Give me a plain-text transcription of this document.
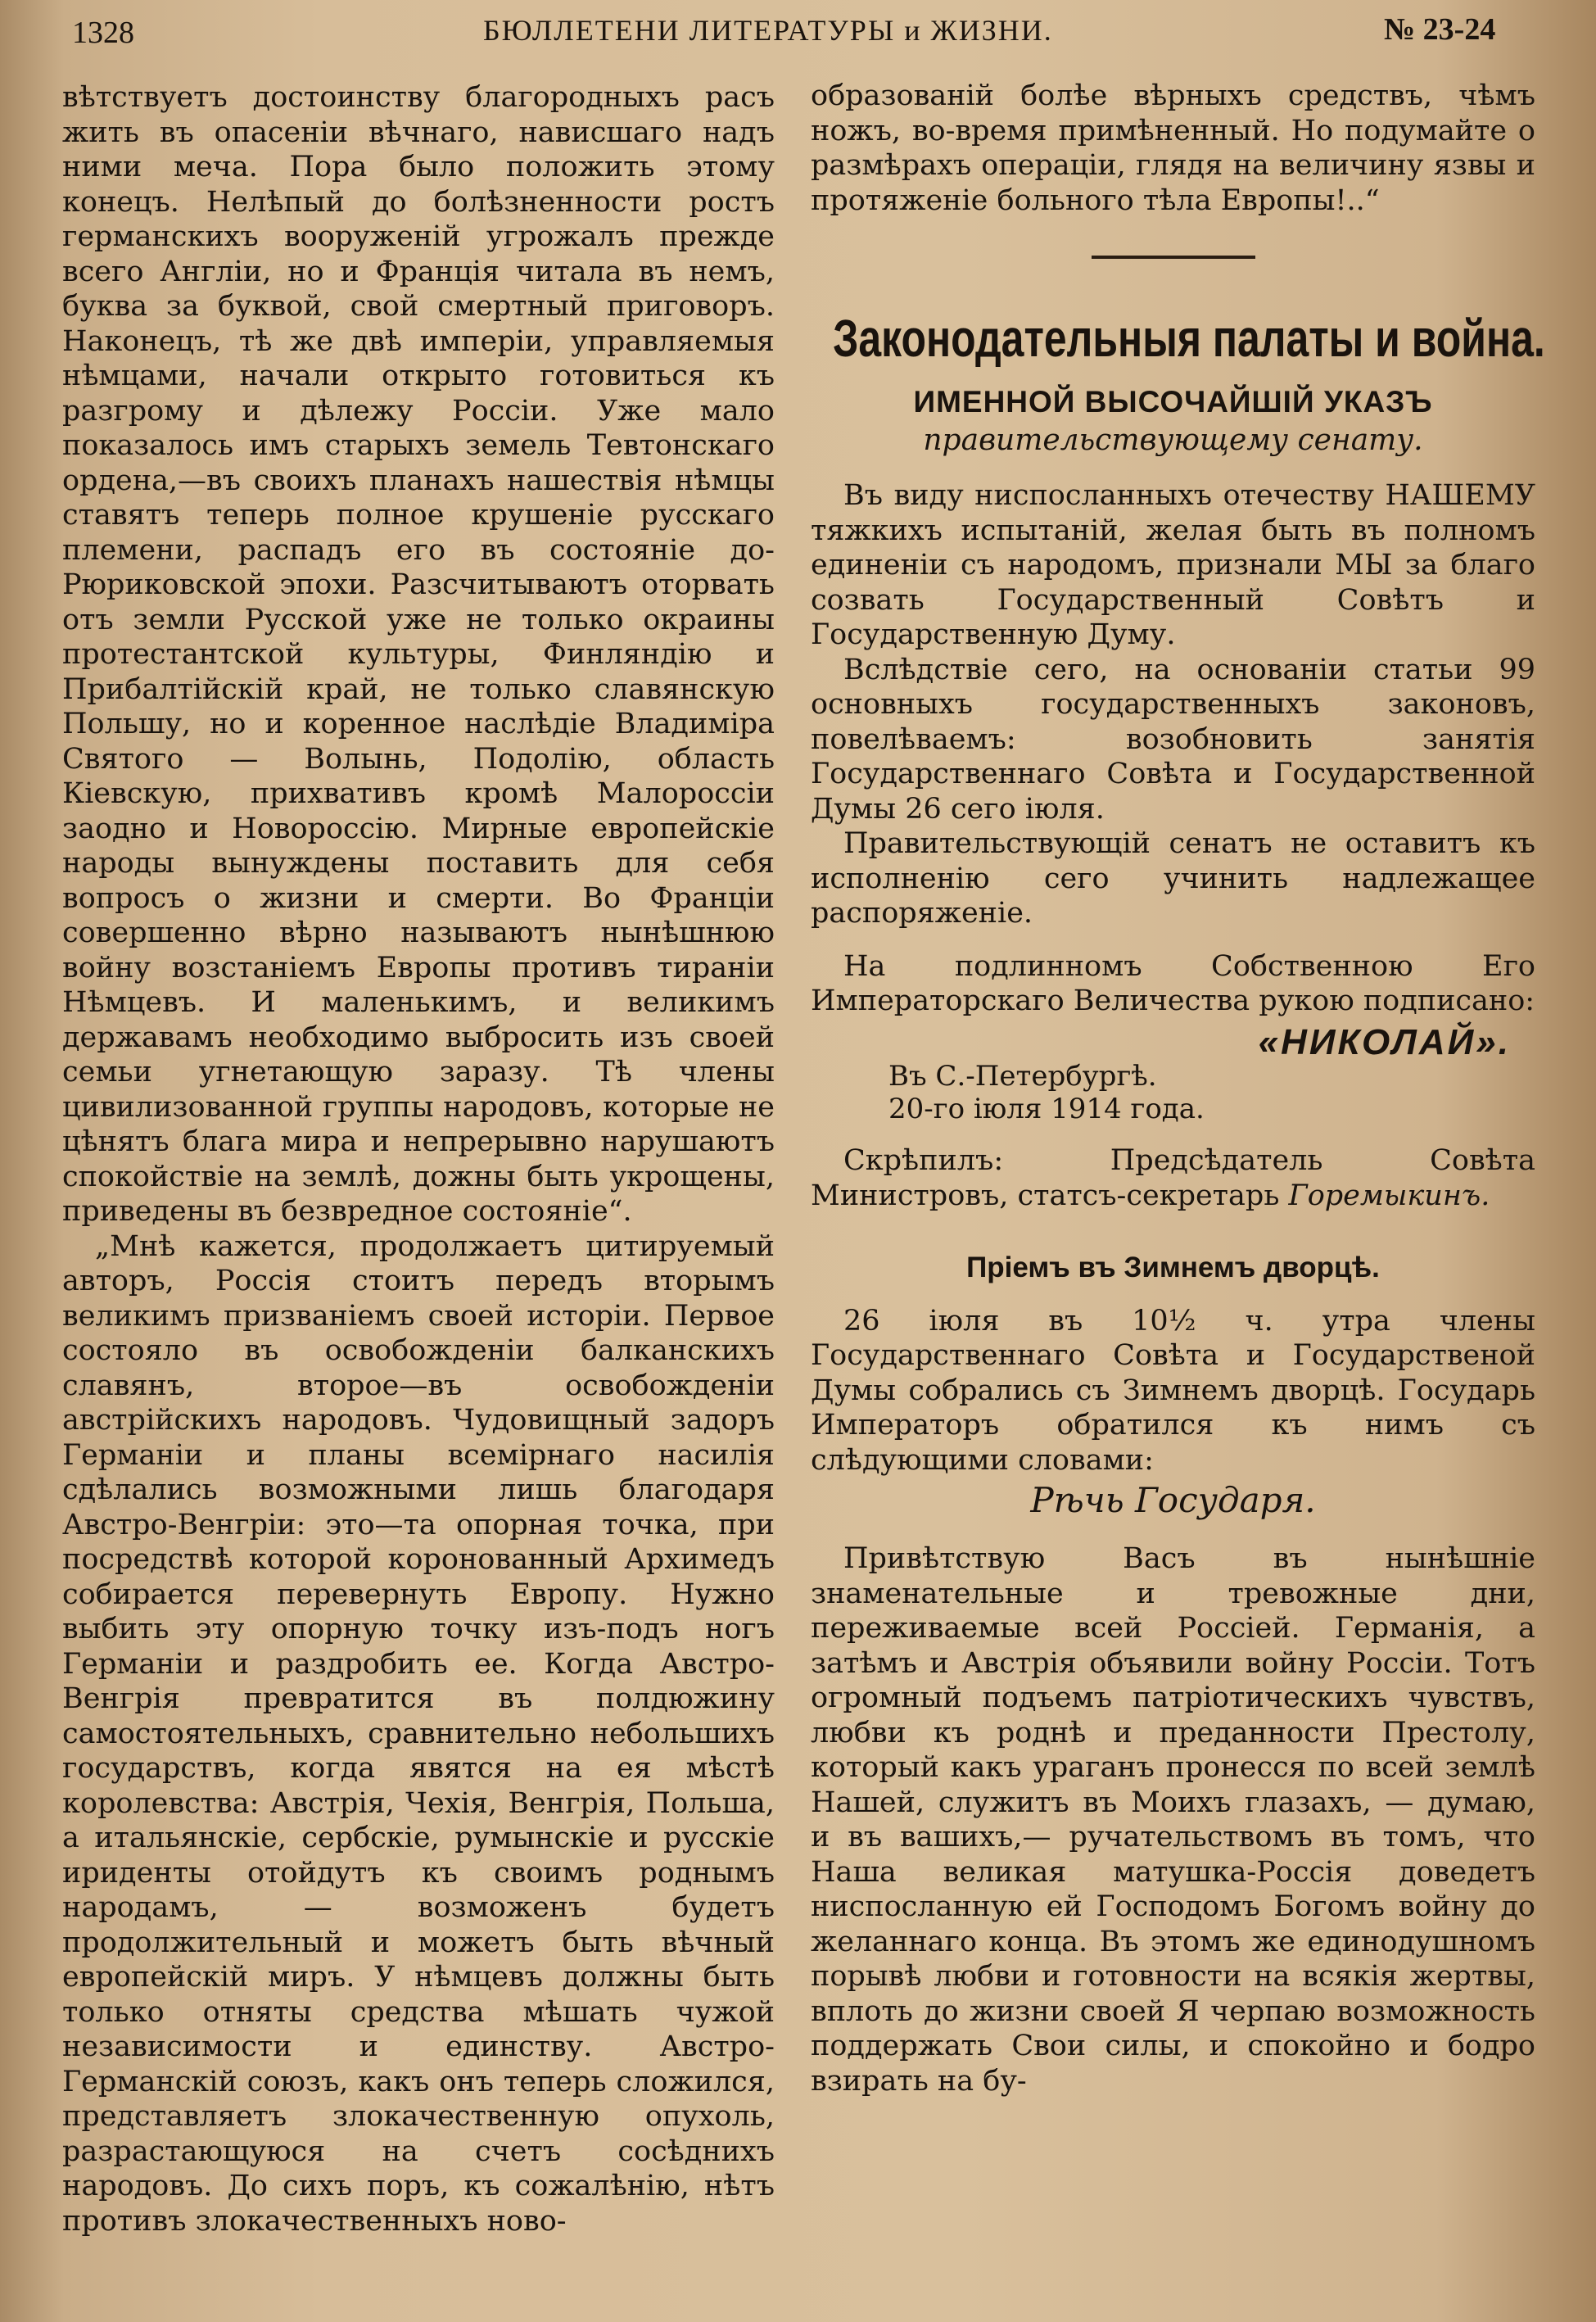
1328	БЮЛЛЕТЕНИ ЛИТЕРАТУРЫ и ЖИЗНИ.	№ 23-24

вѣтствуетъ достоинству благородныхъ расъ жить въ опасеніи вѣчнаго, нависшаго надъ ними меча. Пора было положить этому конецъ. Нелѣпый до болѣзненности ростъ германскихъ вооруженій угрожалъ прежде всего Англіи, но и Франція читала въ немъ, буква за буквой, свой смертный приговоръ. Наконецъ, тѣ же двѣ имперіи, управляемыя нѣмцами, начали открыто готовиться къ разгрому и дѣлежу Россіи. Уже мало показалось имъ старыхъ земель Тевтонскаго ордена,—въ своихъ планахъ нашествія нѣмцы ставятъ теперь полное крушеніе русскаго племени, распадъ его въ состояніе до-Рюриковской эпохи. Разсчитываютъ оторвать отъ земли Русской уже не только окраины протестантской культуры, Финляндію и Прибалтійскій край, не только славянскую Польшу, но и коренное наслѣдіе Владиміра Святого — Волынь, Подолію, область Кіевскую, прихвативъ кромѣ Малороссіи заодно и Новороссію. Мирные европейскіе народы вынуждены поставить для себя вопросъ о жизни и смерти. Во Франціи совершенно вѣрно называютъ нынѣшнюю войну возстаніемъ Европы противъ тираніи Нѣмцевъ. И маленькимъ, и великимъ державамъ необходимо выбросить изъ своей семьи угнетающую заразу. Тѣ члены цивилизованной группы народовъ, которые не цѣнятъ блага мира и непрерывно нарушаютъ спокойствіе на землѣ, дожны быть укрощены, приведены въ безвредное состояніе“.

„Мнѣ кажется, продолжаетъ цитируемый авторъ, Россія стоитъ передъ вторымъ великимъ призваніемъ своей исторіи. Первое состояло въ освобожденіи балканскихъ славянъ, второе—въ освобожденіи австрійскихъ народовъ. Чудовищный задоръ Германіи и планы всемірнаго насилія сдѣлались возможными лишь благодаря Австро-Венгріи: это—та опорная точка, при посредствѣ которой коронованный Архимедъ собирается перевернуть Европу. Нужно выбить эту опорную точку изъ-подъ ногъ Германіи и раздробить ее. Когда Австро-Венгрія превратится въ полдюжину самостоятельныхъ, сравнительно небольшихъ государствъ, когда явятся на ея мѣстѣ королевства: Австрія, Чехія, Венгрія, Польша, а итальянскіе, сербскіе, румынскіе и русскіе ириденты отойдутъ къ своимъ роднымъ народамъ, — возможенъ будетъ продолжительный и можетъ быть вѣчный европейскій миръ. У нѣмцевъ должны быть только отняты средства мѣшать чужой независимости и единству. Австро-Германскій союзъ, какъ онъ теперь сложился, представляетъ злокачественную опухоль, разрастающуюся на счетъ сосѣднихъ народовъ. До сихъ поръ, къ сожалѣнію, нѣтъ противъ злокачественныхъ ново-

образованій болѣе вѣрныхъ средствъ, чѣмъ ножъ, во-время примѣненный. Но подумайте о размѣрахъ операціи, глядя на величину язвы и протяженіе больного тѣла Европы!..“

Законодательныя палаты и война.
ИМЕННОЙ ВЫСОЧАЙШІЙ УКАЗЪ
правительствующему сенату.

Въ виду ниспосланныхъ отечеству НАШЕМУ тяжкихъ испытаній, желая быть въ полномъ единеніи съ народомъ, признали МЫ за благо созвать Государственный Совѣтъ и Государственную Думу.

Вслѣдствіе сего, на основаніи статьи 99 основныхъ государственныхъ законовъ, повелѣваемъ: возобновить занятія Государственнаго Совѣта и Государственной Думы 26 сего іюля.

Правительствующій сенатъ не оставитъ къ исполненію сего учинить надлежащее распоряженіе.

На подлинномъ Собственною Его Императорскаго Величества рукою подписано:

«НИКОЛАЙ».
Въ С.-Петербургѣ.
20-го іюля 1914 года.

Скрѣпилъ: Предсѣдатель Совѣта Министровъ, статсъ-секретарь Горемыкинъ.

Пріемъ въ Зимнемъ дворцѣ.

26 іюля въ 10½ ч. утра члены Государственнаго Совѣта и Государственой Думы собрались съ Зимнемъ дворцѣ. Государь Императоръ обратился къ нимъ съ слѣдующими словами:

Рѣчь Государя.

Привѣтствую Васъ въ нынѣшніе знаменательные и тревожные дни, переживаемые всей Россіей. Германія, а затѣмъ и Австрія объявили войну Россіи. Тотъ огромный подъемъ патріотическихъ чувствъ, любви къ роднѣ и преданности Престолу, который какъ ураганъ пронесся по всей землѣ Нашей, служитъ въ Моихъ глазахъ, — думаю, и въ вашихъ,— ручательствомъ въ томъ, что Наша великая матушка-Россія доведетъ ниспосланную ей Господомъ Богомъ войну до желаннаго конца. Въ этомъ же единодушномъ порывѣ любви и готовности на всякія жертвы, вплоть до жизни своей Я черпаю возможность поддержать Свои силы, и спокойно и бодро взирать на бу-
